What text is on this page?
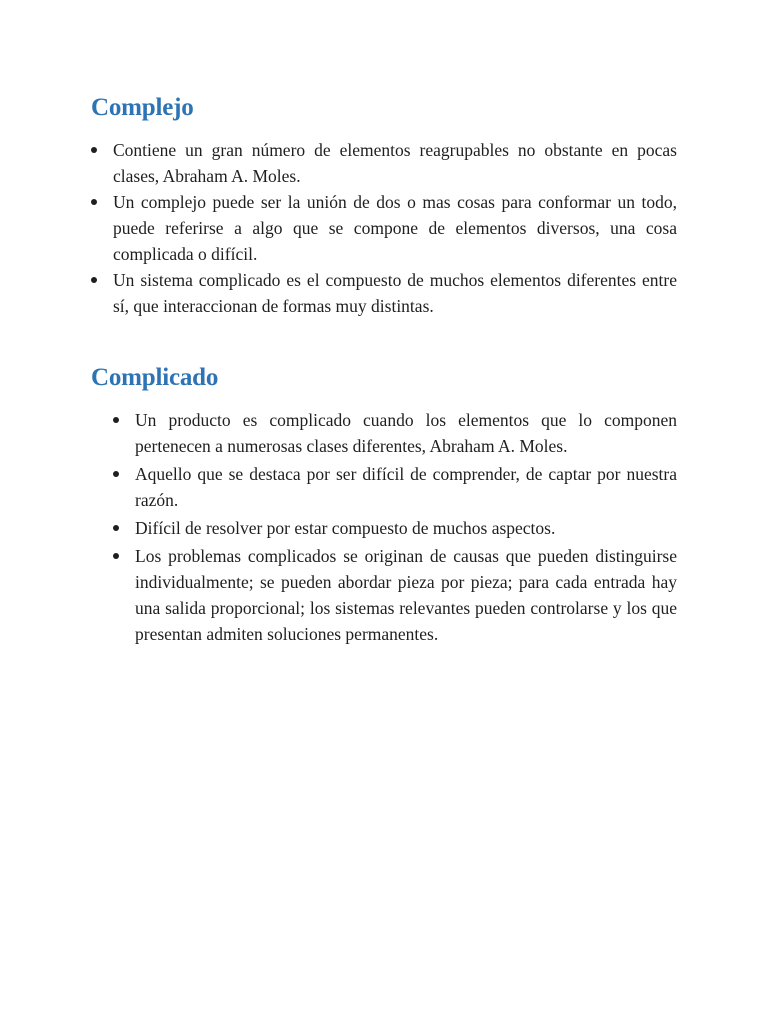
Complejo
Contiene un gran número de elementos reagrupables no obstante en pocas clases, Abraham A. Moles.
Un complejo puede ser la unión de dos o mas cosas para conformar un todo, puede referirse a algo que se compone de elementos diversos, una cosa complicada o difícil.
Un sistema complicado es el compuesto de muchos elementos diferentes entre sí, que interaccionan de formas muy distintas.
Complicado
Un producto es complicado cuando los elementos que lo componen pertenecen a numerosas clases diferentes, Abraham A. Moles.
Aquello que se destaca por ser difícil de comprender, de captar por nuestra razón.
Difícil de resolver por estar compuesto de muchos aspectos.
Los problemas complicados se originan de causas que pueden distinguirse individualmente; se pueden abordar pieza por pieza; para cada entrada hay una salida proporcional; los sistemas relevantes pueden controlarse y los que presentan admiten soluciones permanentes.
